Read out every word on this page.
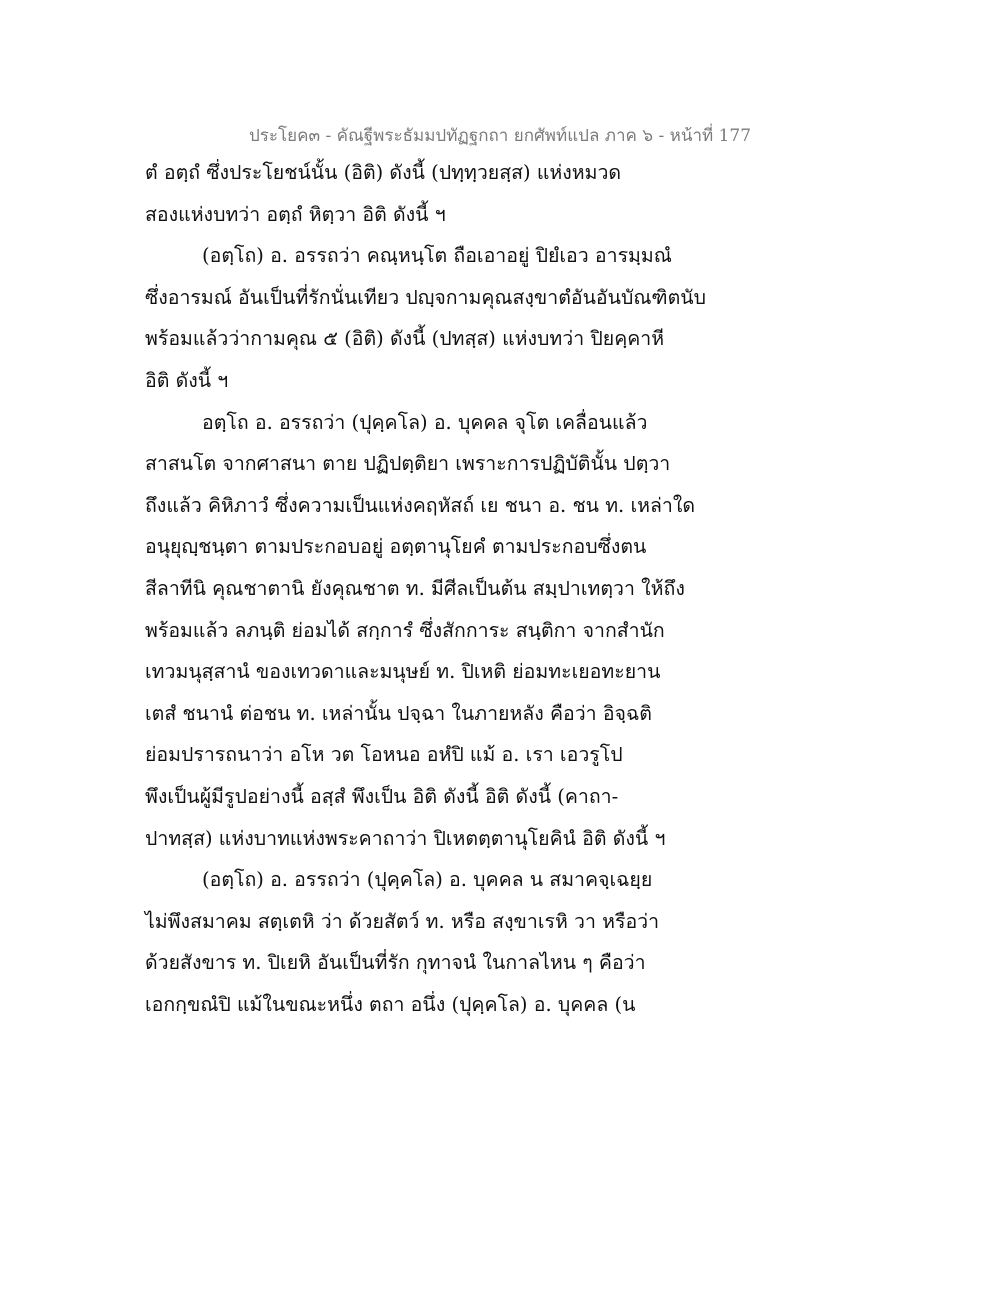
ประโยค๓ - คัณฐีพระธัมมปทัฏฐกถา ยกศัพท์แปล ภาค ๖ - หน้าที่ 177
ตํ อตฺถํ ซึ่งประโยชน์นั้น (อิติ) ดังนี้ (ปทฺทฺวยสฺส) แห่งหมวด
สองแห่งบทว่า อตฺถํ หิตฺวา อิติ ดังนี้ ฯ
(อตฺโถ) อ. อรรถว่า คณฺหนฺโต ถือเอาอยู่ ปิยํเอว อารมฺมณํ
ซึ่งอารมณ์ อันเป็นที่รักนั่นเทียว ปญฺจกามคุณสงฺขาตํอันอันบัณฑิตนับ
พร้อมแล้วว่ากามคุณ ๕ (อิติ) ดังนี้ (ปทสฺส) แห่งบทว่า ปิยคฺคาหี
อิติ ดังนี้ ฯ
อตฺโถ อ. อรรถว่า (ปุคฺคโล) อ. บุคคล จุโต เคลื่อนแล้ว
สาสนโต จากศาสนา ตาย ปฏิปตฺติยา เพราะการปฏิบัตินั้น ปตฺวา
ถึงแล้ว คิหิภาวํ ซึ่งความเป็นแห่งคฤหัสถ์ เย ชนา อ. ชน ท. เหล่าใด
อนุยุญฺชนฺตา ตามประกอบอยู่ อตฺตานุโยคํ ตามประกอบซึ่งตน
สีลาทีนิ คุณชาตานิ ยังคุณชาต ท. มีศีลเป็นต้น สมฺปาเทตฺวา ให้ถึง
พร้อมแล้ว ลภนฺติ ย่อมได้ สกฺการํ ซึ่งสักการะ สนฺติกา จากสำนัก
เทวมนุสฺสานํ ของเทวดาและมนุษย์ ท. ปิเหติ ย่อมทะเยอทะยาน
เตสํ ชนานํ ต่อชน ท. เหล่านั้น ปจฺฉา ในภายหลัง คือว่า อิจฺฉติ
ย่อมปรารถนาว่า อโห วต โอหนอ อหํปิ แม้ อ. เรา เอวรูโป
พึงเป็นผู้มีรูปอย่างนี้ อสฺสํ พึงเป็น อิติ ดังนี้ อิติ ดังนี้ (คาถา-
ปาทสฺส) แห่งบาทแห่งพระคาถาว่า ปิเหตตฺตานุโยคินํ อิติ ดังนี้ ฯ
(อตฺโถ) อ. อรรถว่า (ปุคฺคโล) อ. บุคคล น สมาคจฺเฉยฺย
ไม่พึงสมาคม สตฺเตหิ ว่า ด้วยสัตว์ ท. หรือ สงฺขาเรหิ วา หรือว่า
ด้วยสังขาร ท. ปิเยหิ อันเป็นที่รัก กุทาจนํ ในกาลไหน ๆ คือว่า
เอกกฺขณํปิ แม้ในขณะหนึ่ง ตถา อนึ่ง (ปุคฺคโล) อ. บุคคล (น
